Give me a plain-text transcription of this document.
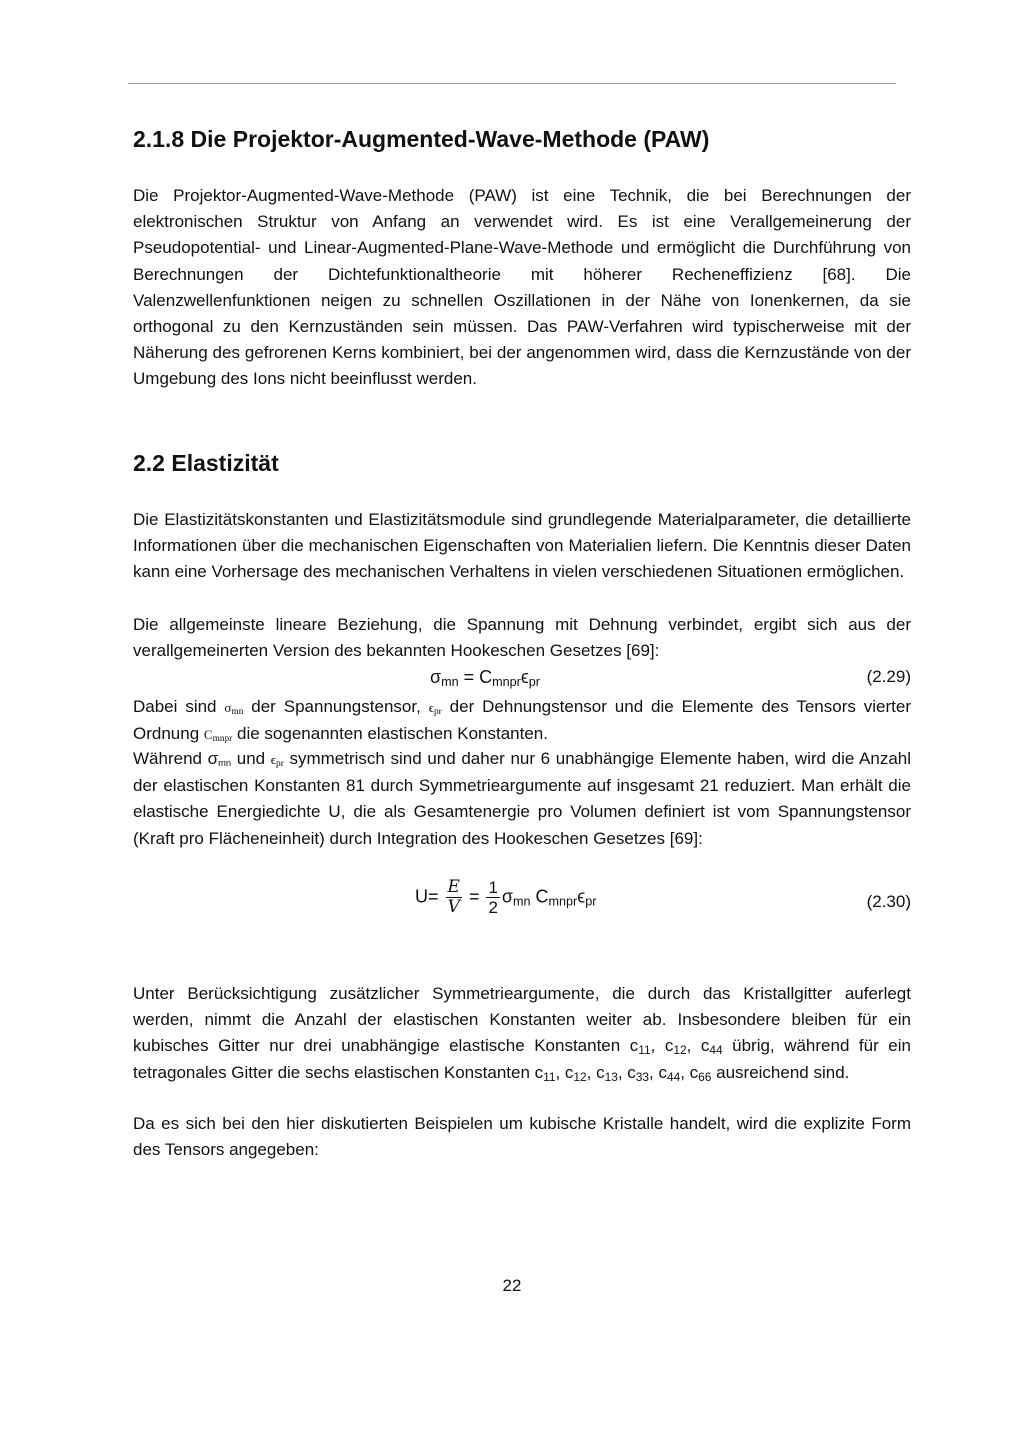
2.1.8 Die Projektor-Augmented-Wave-Methode (PAW)

Die Projektor-Augmented-Wave-Methode (PAW) ist eine Technik, die bei Berechnungen der elektronischen Struktur von Anfang an verwendet wird. Es ist eine Verallgemeinerung der Pseudopotential- und Linear-Augmented-Plane-Wave-Methode und ermöglicht die Durchführung von Berechnungen der Dichtefunktionaltheorie mit höherer Recheneffizienz [68]. Die Valenzwellenfunktionen neigen zu schnellen Oszillationen in der Nähe von Ionenkernen, da sie orthogonal zu den Kernzuständen sein müssen. Das PAW-Verfahren wird typischerweise mit der Näherung des gefrorenen Kerns kombiniert, bei der angenommen wird, dass die Kernzustände von der Umgebung des Ions nicht beeinflusst werden.

2.2 Elastizität

Die Elastizitätskonstanten und Elastizitätsmodule sind grundlegende Materialparameter, die detaillierte Informationen über die mechanischen Eigenschaften von Materialien liefern. Die Kenntnis dieser Daten kann eine Vorhersage des mechanischen Verhaltens in vielen verschiedenen Situationen ermöglichen.

Die allgemeinste lineare Beziehung, die Spannung mit Dehnung verbindet, ergibt sich aus der verallgemeinerten Version des bekannten Hookeschen Gesetzes [69]:

$\sigma_{mn} = C_{mnpr}\epsilon_{pr}$	(2.29)

Dabei sind $\sigma_{mn}$ der Spannungstensor, $\epsilon_{pr}$ der Dehnungstensor und die Elemente des Tensors vierter Ordnung $C_{mnpr}$ die sogenannten elastischen Konstanten.

Während $\sigma_{mn}$ und $\epsilon_{pr}$ symmetrisch sind und daher nur 6 unabhängige Elemente haben, wird die Anzahl der elastischen Konstanten 81 durch Symmetrieargumente auf insgesamt 21 reduziert. Man erhält die elastische Energiedichte U, die als Gesamtenergie pro Volumen definiert ist vom Spannungstensor (Kraft pro Flächeneinheit) durch Integration des Hookeschen Gesetzes [69]:

$U= \frac{E}{V} = \frac{1}{2} \sigma_{mn}$ $C_{mnpr}\epsilon_{pr}$	(2.30)

Unter Berücksichtigung zusätzlicher Symmetrieargumente, die durch das Kristallgitter auferlegt werden, nimmt die Anzahl der elastischen Konstanten weiter ab. Insbesondere bleiben für ein kubisches Gitter nur drei unabhängige elastische Konstanten $c_{11}$, $c_{12}$, $c_{44}$ übrig, während für ein tetragonales Gitter die sechs elastischen Konstanten $c_{11}$, $c_{12}$, $c_{13}$, $c_{33}$, $c_{44}$, $c_{66}$ ausreichend sind.

Da es sich bei den hier diskutierten Beispielen um kubische Kristalle handelt, wird die explizite Form des Tensors angegeben:

22
